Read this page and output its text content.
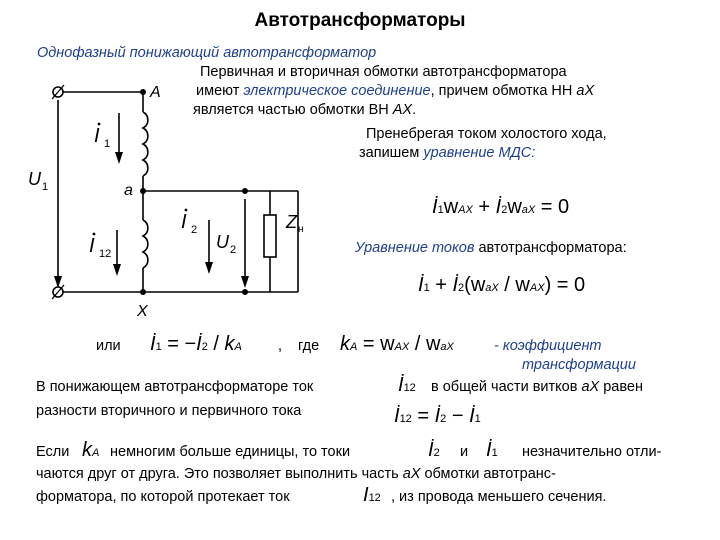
Автотрансформаторы
Однофазный понижающий автотрансформатор
A
a
X
U 1
U 2
I 1
I 2
I 12
Z н
Первичная и вторичная обмотки автотрансформатора
имеют электрическое соединение, причем обмотка НН aX
является частью обмотки ВН AX.
Пренебрегая током холостого хода,
запишем уравнение МДС:
İ1wAX + İ2waX = 0
Уравнение токов автотрансформатора:
İ1 + İ2(waX / wAX) = 0
или İ1 = −İ2 / kA , где kA = wAX / waX	- коэффициент
трансформации
В понижающем автотрансформаторе ток	İ12 в общей части витков aX равен
разности вторичного и первичного тока	İ12 = İ2 − İ1
Если kA немногим больше единицы, то токи	İ2 и İ1 незначительно отли-
чаются друг от друга. Это позволяет выполнить часть aX обмотки автотранс-
форматора, по которой протекает ток	I12 , из провода меньшего сечения.
